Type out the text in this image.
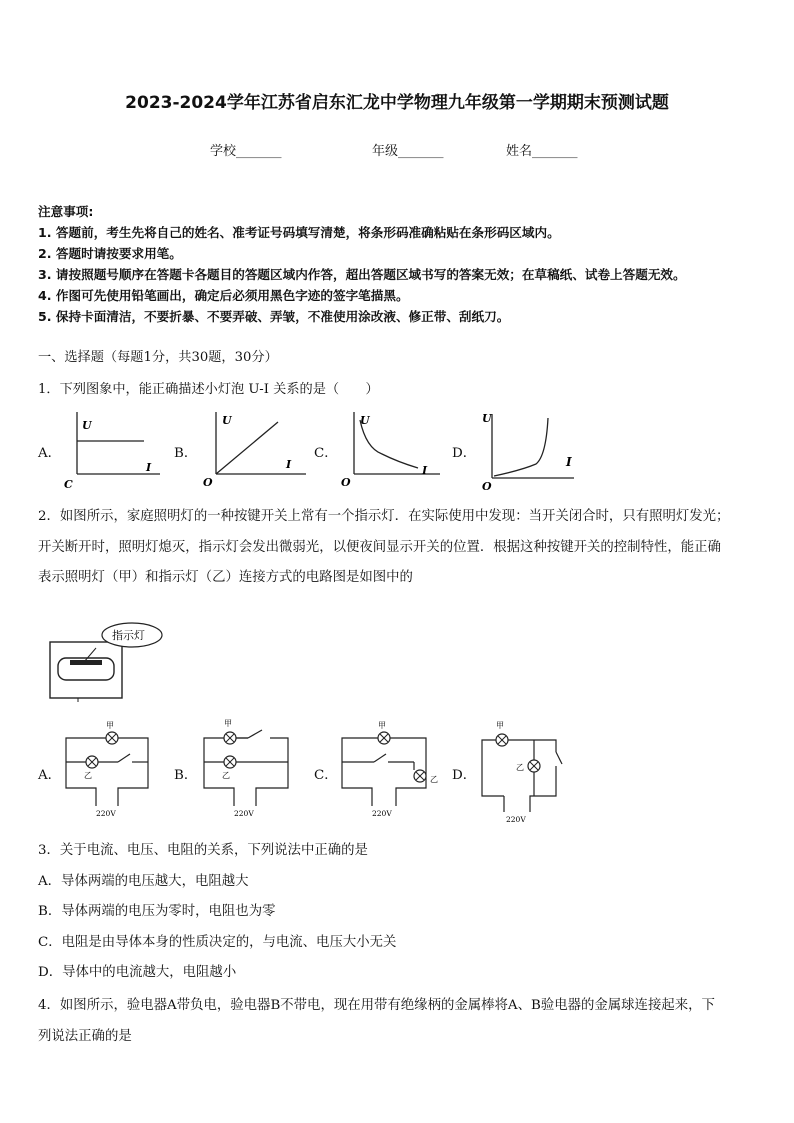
2023-2024学年江苏省启东汇龙中学物理九年级第一学期期末预测试题
学校_______	年级_______	姓名_______
注意事项:
1. 答题前，考生先将自己的姓名、准考证号码填写清楚，将条形码准确粘贴在条形码区域内。
2. 答题时请按要求用笔。
3. 请按照题号顺序在答题卡各题目的答题区域内作答，超出答题区域书写的答案无效；在草稿纸、试卷上答题无效。
4. 作图可先使用铅笔画出，确定后必须用黑色字迹的签字笔描黑。
5. 保持卡面清洁，不要折暴、不要弄破、弄皱，不准使用涂改液、修正带、刮纸刀。
一、选择题（每题1分，共30题，30分）
1．下列图象中，能正确描述小灯泡 U-I 关系的是（　　）
A．
U
I
C
B．
U
I
O
C．
U
I
O
D．
U
I
O
2．如图所示，家庭照明灯的一种按键开关上常有一个指示灯．在实际使用中发现：当开关闭合时，只有照明灯发光；
开关断开时，照明灯熄灭，指示灯会发出微弱光，以便夜间显示开关的位置．根据这种按键开关的控制特性，能正确
表示照明灯（甲）和指示灯（乙）连接方式的电路图是如图中的
指示灯
A．
甲
乙
220V
B．
甲
乙
220V
C．
甲
乙
220V
D．
甲
乙
220V
3．关于电流、电压、电阻的关系，下列说法中正确的是
A．导体两端的电压越大，电阻越大
B．导体两端的电压为零时，电阻也为零
C．电阻是由导体本身的性质决定的，与电流、电压大小无关
D．导体中的电流越大，电阻越小
4．如图所示，验电器A带负电，验电器B不带电，现在用带有绝缘柄的金属棒将A、B验电器的金属球连接起来，下
列说法正确的是
